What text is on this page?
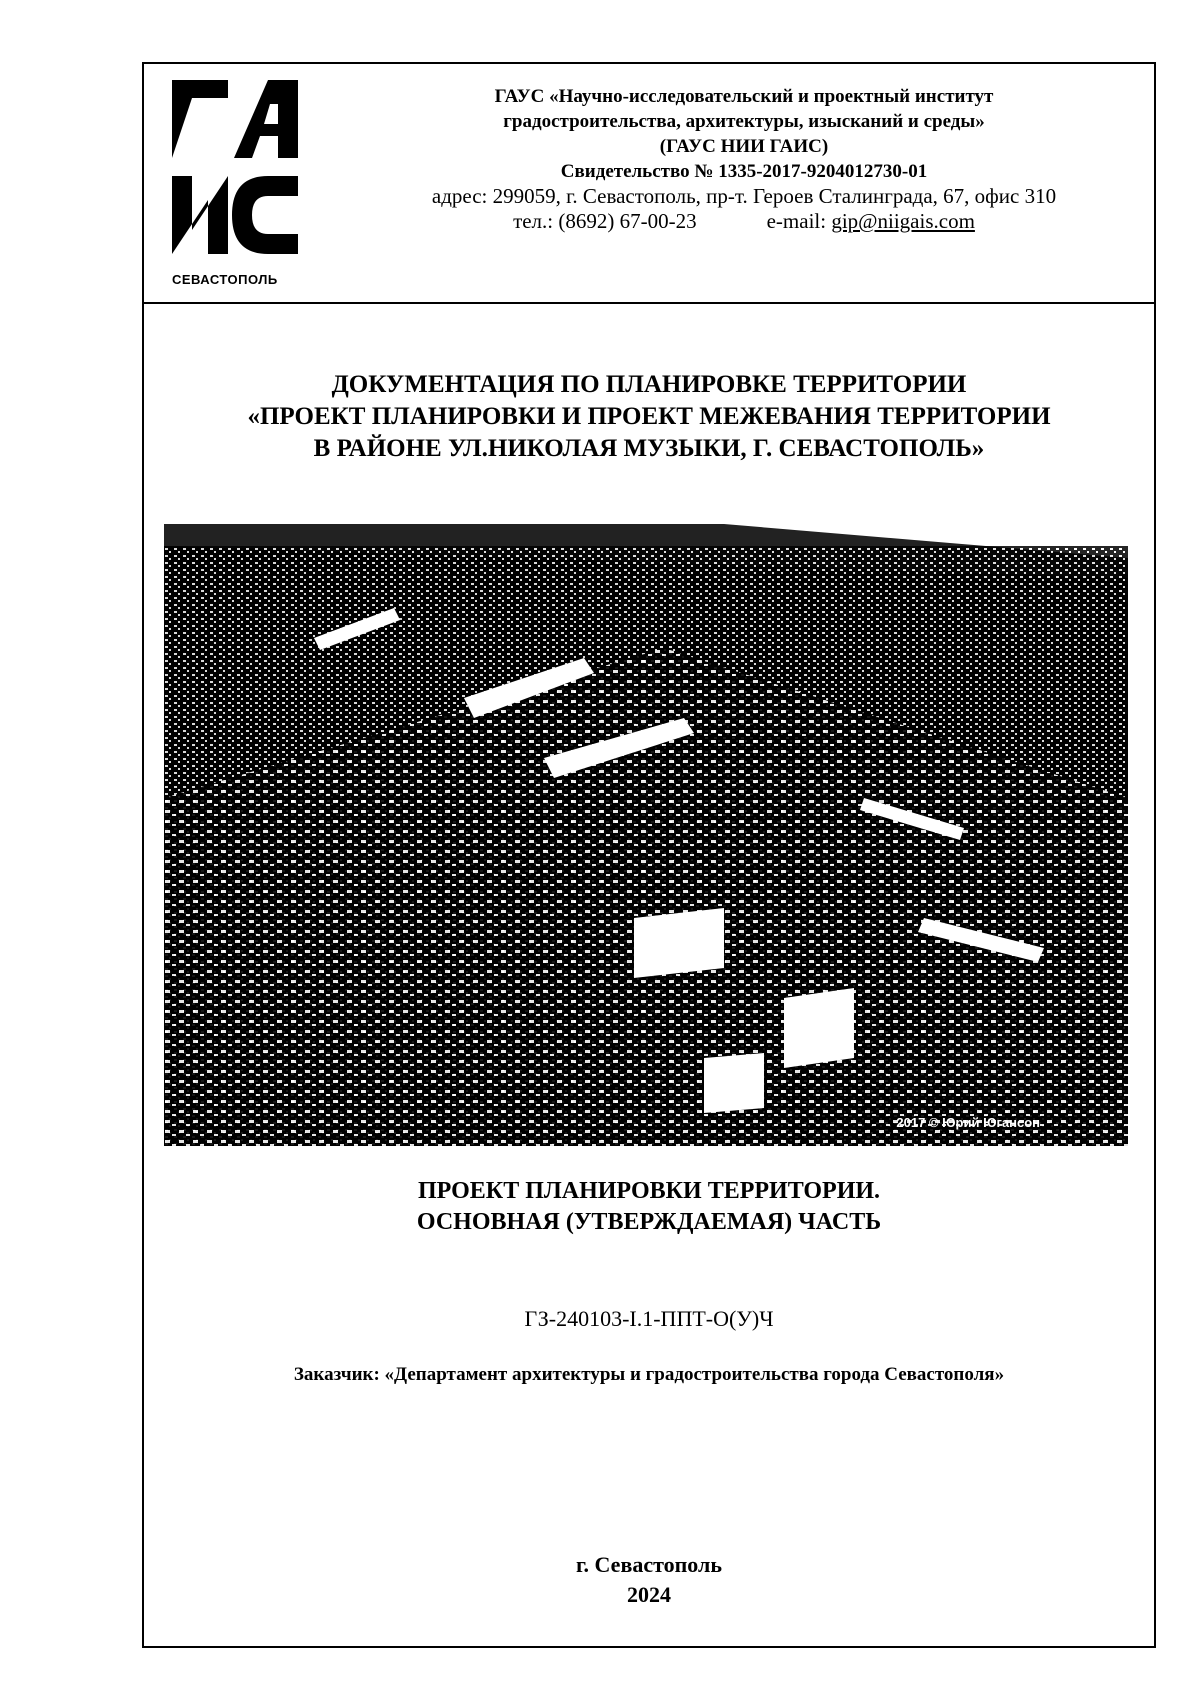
СЕВАСТОПОЛЬ
ГАУС «Научно-исследовательский и проектный институт
градостроительства, архитектуры, изысканий и среды»
(ГАУС НИИ ГАИС)
Свидетельство № 1335-2017-9204012730-01
адрес: 299059, г. Севастополь, пр-т. Героев Сталинграда, 67, офис 310
тел.: (8692) 67-00-23	e-mail: gip@niigais.com
ДОКУМЕНТАЦИЯ ПО ПЛАНИРОВКЕ ТЕРРИТОРИИ
«ПРОЕКТ ПЛАНИРОВКИ И ПРОЕКТ МЕЖЕВАНИЯ ТЕРРИТОРИИ
В РАЙОНЕ УЛ.НИКОЛАЯ МУЗЫКИ, Г. СЕВАСТОПОЛЬ»
2017 © Юрий Югансон
ПРОЕКТ ПЛАНИРОВКИ ТЕРРИТОРИИ.
ОСНОВНАЯ (УТВЕРЖДАЕМАЯ) ЧАСТЬ
ГЗ-240103-I.1-ППТ-О(У)Ч
Заказчик: «Департамент архитектуры и градостроительства города Севастополя»
г. Севастополь
2024
